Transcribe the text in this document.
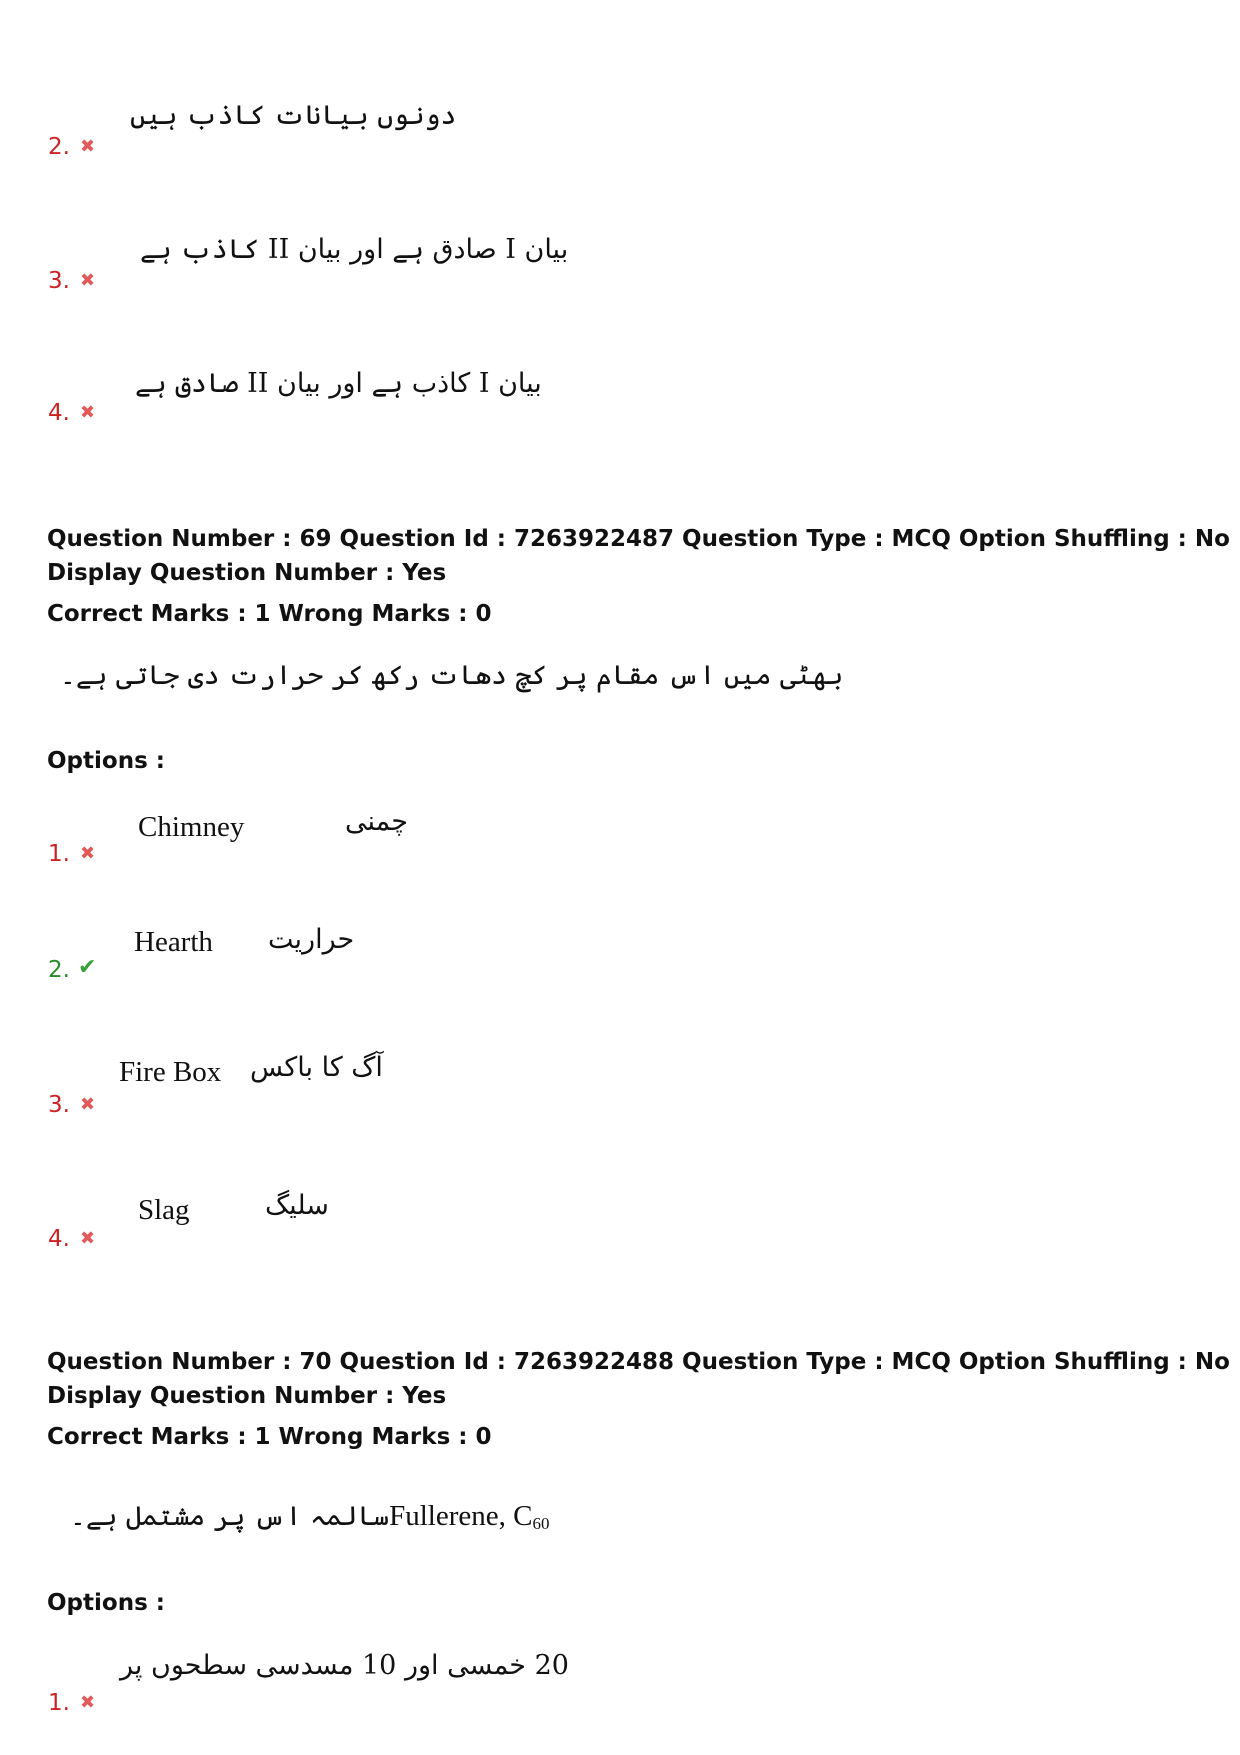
2. ✖
دونوں بیانات کاذب ہیں
3. ✖
بیان I صادق ہے اور بیان II کاذب ہے
4. ✖
بیان I کاذب ہے اور بیان II صادق ہے
Question Number : 69 Question Id : 7263922487 Question Type : MCQ Option Shuffling : No
Display Question Number : Yes
Correct Marks : 1 Wrong Marks : 0
بھٹی میں اس مقام پر کچ دھات رکھ کر حرارت دی جاتی ہے۔
Options :
1. ✖
Chimney	چمنی
2. ✔
Hearth حراریت
3. ✖
Fire Box آگ کا باکس
4. ✖
Slag	سلیگ
Question Number : 70 Question Id : 7263922488 Question Type : MCQ Option Shuffling : No
Display Question Number : Yes
Correct Marks : 1 Wrong Marks : 0
سالمہ اس پر مشتمل ہے۔Fullerene, $C_{60}$
Options :
1. ✖
20 خمسی اور 10 مسدسی سطحوں پر
